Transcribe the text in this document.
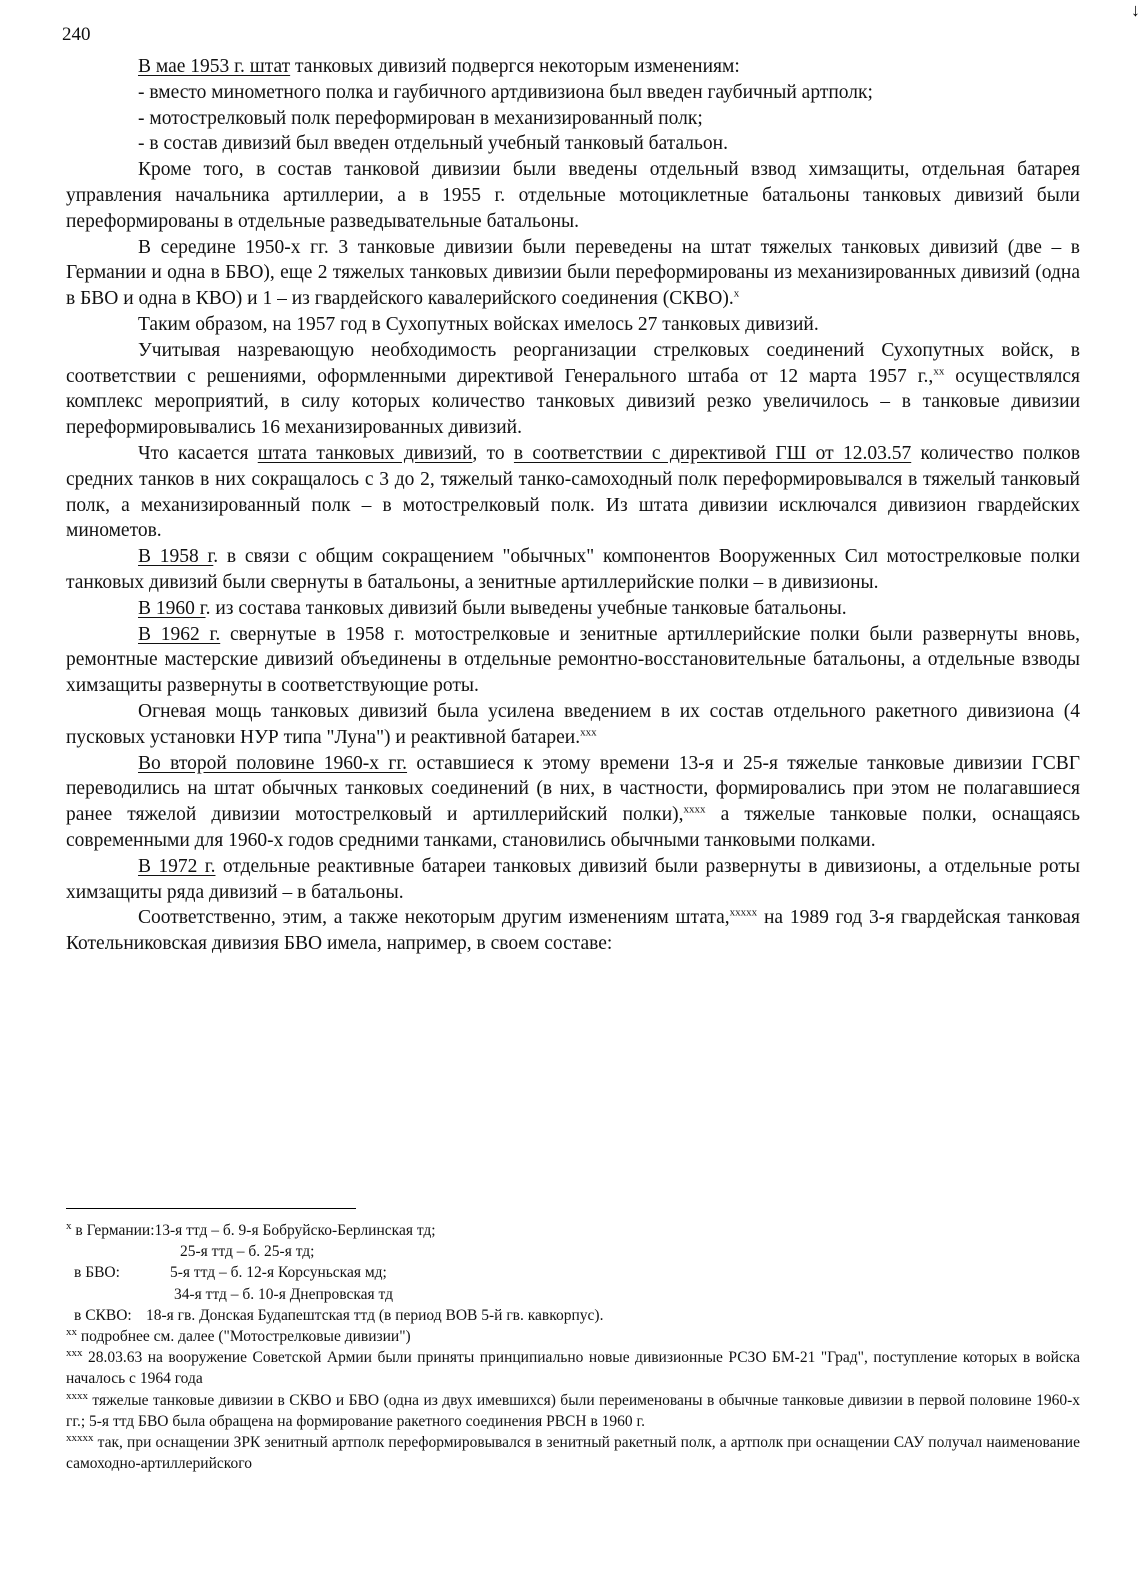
240
↓

В мае 1953 г. штат танковых дивизий подвергся некоторым изменениям:

- вместо минометного полка и гаубичного артдивизиона был введен гаубичный артполк;

- мотострелковый полк переформирован в механизированный полк;

- в состав дивизий был введен отдельный учебный танковый батальон.

Кроме того, в состав танковой дивизии были введены отдельный взвод химзащиты, отдельная батарея управления начальника артиллерии, а в 1955 г. отдельные мотоциклетные батальоны танковых дивизий были переформированы в отдельные разведывательные батальоны.

В середине 1950-х гг. 3 танковые дивизии были переведены на штат тяжелых танковых дивизий (две – в Германии и одна в БВО), еще 2 тяжелых танковых дивизии были переформированы из механизированных дивизий (одна в БВО и одна в КВО) и 1 – из гвардейского кавалерийского соединения (СКВО).$^x$

Таким образом, на 1957 год в Сухопутных войсках имелось 27 танковых дивизий.

Учитывая назревающую необходимость реорганизации стрелковых соединений Сухопутных войск, в соответствии с решениями, оформленными директивой Генерального штаба от 12 марта 1957 г.,$^{xx}$ осуществлялся комплекс мероприятий, в силу которых количество танковых дивизий резко увеличилось – в танковые дивизии переформировывались 16 механизированных дивизий.

Что касается штата танковых дивизий, то в соответствии с директивой ГШ от 12.03.57 количество полков средних танков в них сокращалось с 3 до 2, тяжелый танко-самоходный полк переформировывался в тяжелый танковый полк, а механизированный полк – в мотострелковый полк. Из штата дивизии исключался дивизион гвардейских минометов.

В 1958 г. в связи с общим сокращением "обычных" компонентов Вооруженных Сил мотострелковые полки танковых дивизий были свернуты в батальоны, а зенитные артиллерийские полки – в дивизионы.

В 1960 г. из состава танковых дивизий были выведены учебные танковые батальоны.

В 1962 г. свернутые в 1958 г. мотострелковые и зенитные артиллерийские полки были развернуты вновь, ремонтные мастерские дивизий объединены в отдельные ремонтно-восстановительные батальоны, а отдельные взводы химзащиты развернуты в соответствующие роты.

Огневая мощь танковых дивизий была усилена введением в их состав отдельного ракетного дивизиона (4 пусковых установки НУР типа "Луна") и реактивной батареи.$^{xxx}$

Во второй половине 1960-х гг. оставшиеся к этому времени 13-я и 25-я тяжелые танковые дивизии ГСВГ переводились на штат обычных танковых соединений (в них, в частности, формировались при этом не полагавшиеся ранее тяжелой дивизии мотострелковый и артиллерийский полки),$^{xxxx}$ а тяжелые танковые полки, оснащаясь современными для 1960-х годов средними танками, становились обычными танковыми полками.

В 1972 г. отдельные реактивные батареи танковых дивизий были развернуты в дивизионы, а отдельные роты химзащиты ряда дивизий – в батальоны.

Соответственно, этим, а также некоторым другим изменениям штата,$^{xxxxx}$ на 1989 год 3-я гвардейская танковая Котельниковская дивизия БВО имела, например, в своем составе:

$^x$ в Германии:13-я ттд – б. 9-я Бобруйско-Берлинская тд;

25-я ттд – б. 25-я тд;

в БВО:	5-я ттд – б. 12-я Корсуньская мд;

34-я ттд – б. 10-я Днепровская тд

в СКВО: 18-я гв. Донская Будапештская ттд (в период ВОВ 5-й гв. кавкорпус).

$^{xx}$ подробнее см. далее ("Мотострелковые дивизии")

$^{xxx}$ 28.03.63 на вооружение Советской Армии были приняты принципиально новые дивизионные РСЗО БМ-21 "Град", поступление которых в войска началось с 1964 года

$^{xxxx}$ тяжелые танковые дивизии в СКВО и БВО (одна из двух имевшихся) были переименованы в обычные танковые дивизии в первой половине 1960-х гг.; 5-я ттд БВО была обращена на формирование ракетного соединения РВСН в 1960 г.

$^{xxxxx}$ так, при оснащении ЗРК зенитный артполк переформировывался в зенитный ракетный полк, а артполк при оснащении САУ получал наименование самоходно-артиллерийского
